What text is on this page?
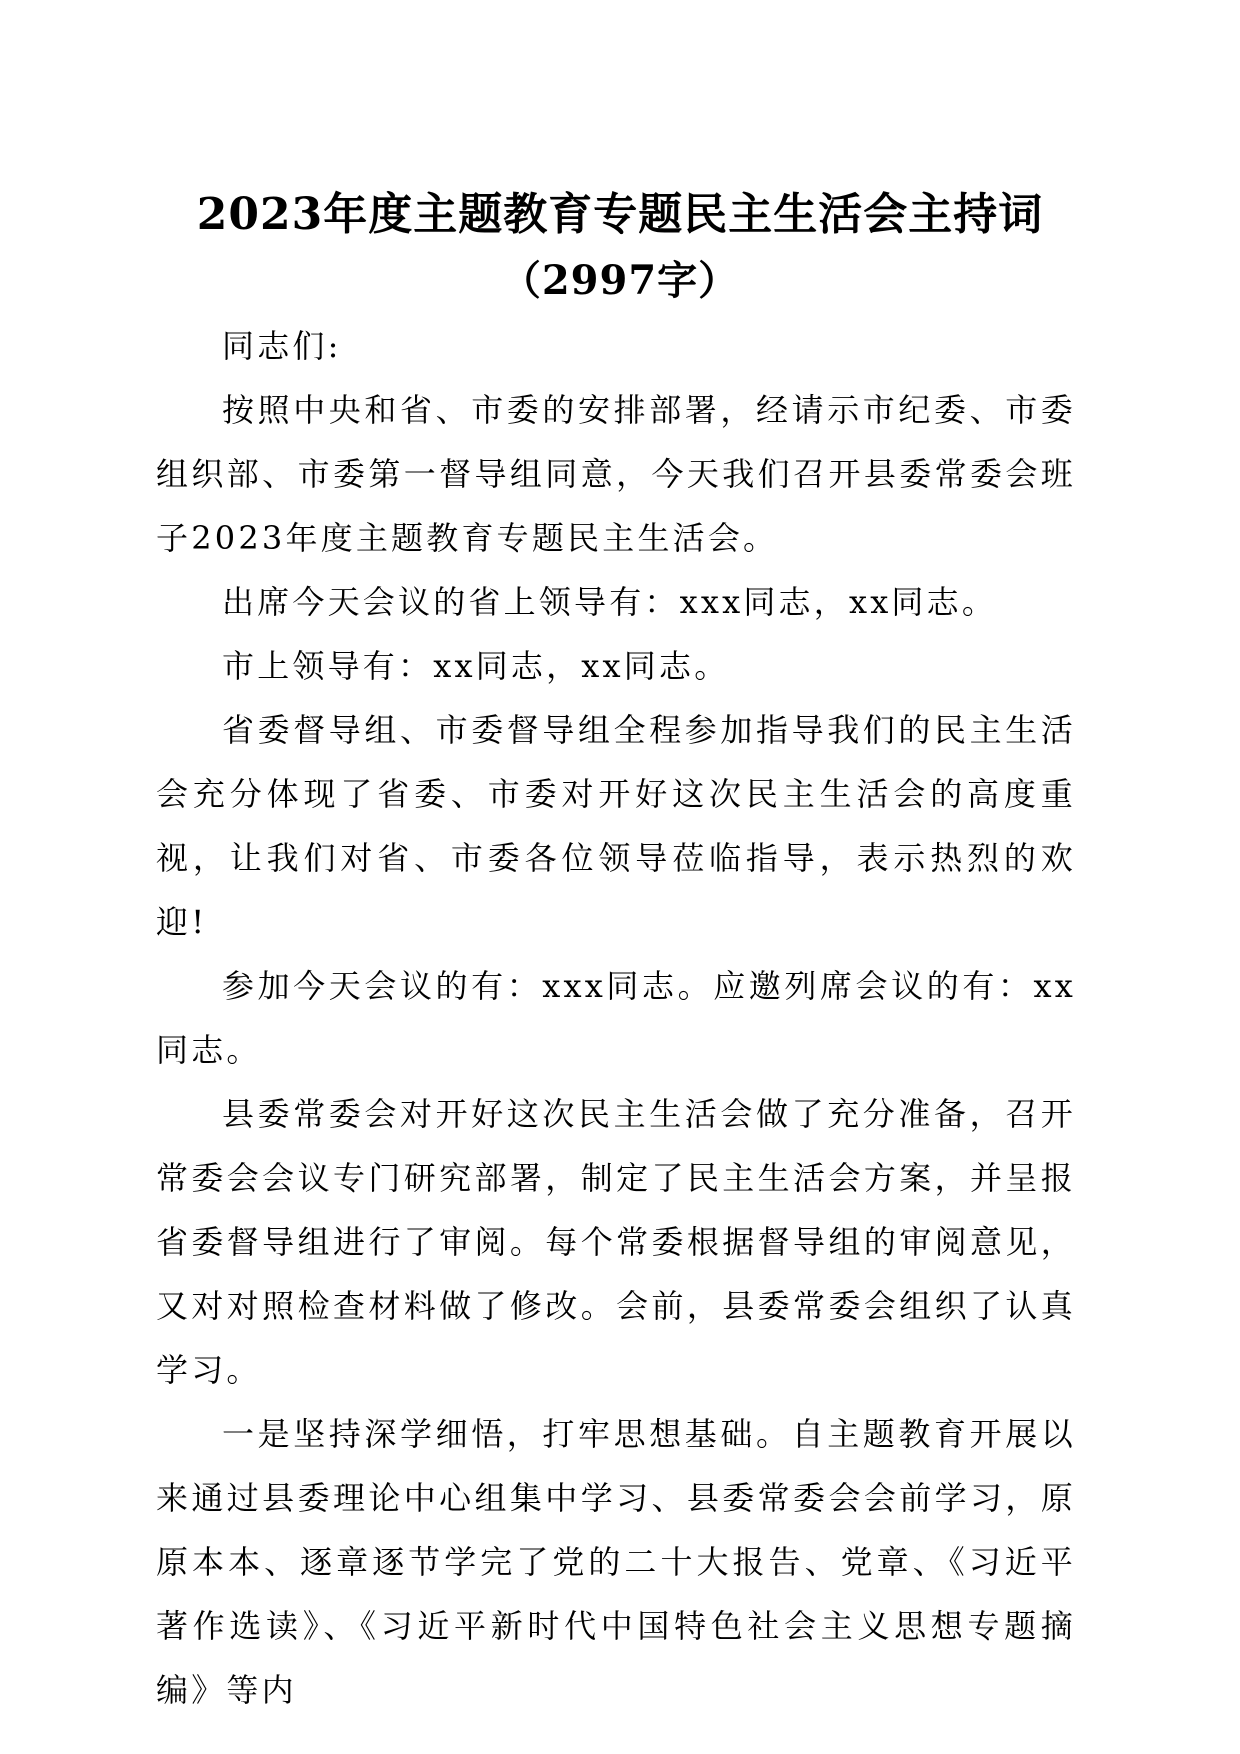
2023年度主题教育专题民主生活会主持词
（2997字）

同志们:

按照中央和省、市委的安排部署，经请示市纪委、市委组织部、市委第一督导组同意，今天我们召开县委常委会班子2023年度主题教育专题民主生活会。

出席今天会议的省上领导有：xxx同志，xx同志。

市上领导有：xx同志，xx同志。

省委督导组、市委督导组全程参加指导我们的民主生活会充分体现了省委、市委对开好这次民主生活会的高度重视，让我们对省、市委各位领导莅临指导，表示热烈的欢迎!

参加今天会议的有：xxx同志。应邀列席会议的有：xx同志。

县委常委会对开好这次民主生活会做了充分准备，召开常委会会议专门研究部署，制定了民主生活会方案，并呈报省委督导组进行了审阅。每个常委根据督导组的审阅意见，又对对照检查材料做了修改。会前，县委常委会组织了认真学习。

一是坚持深学细悟，打牢思想基础。自主题教育开展以来通过县委理论中心组集中学习、县委常委会会前学习，原原本本、逐章逐节学完了党的二十大报告、党章、《习近平著作选读》、《习近平新时代中国特色社会主义思想专题摘编》等内
